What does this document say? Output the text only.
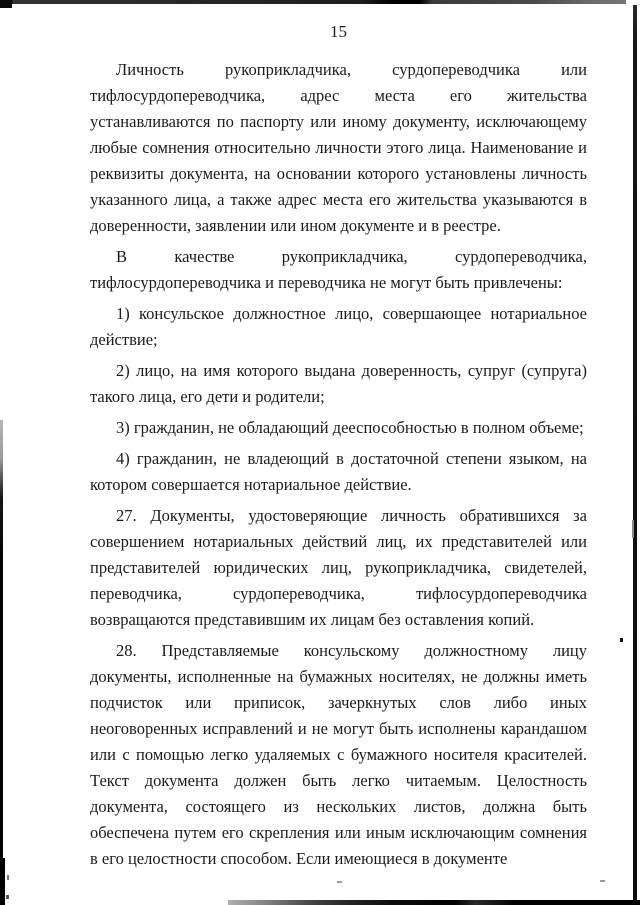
15

Личность рукоприкладчика, сурдопереводчика или тифлосурдопереводчика, адрес места его жительства устанавливаются по паспорту или иному документу, исключающему любые сомнения относительно личности этого лица. Наименование и реквизиты документа, на основании которого установлены личность указанного лица, а также адрес места его жительства указываются в доверенности, заявлении или ином документе и в реестре.

В качестве рукоприкладчика, сурдопереводчика, тифлосурдопереводчика и переводчика не могут быть привлечены:

1) консульское должностное лицо, совершающее нотариальное действие;

2) лицо, на имя которого выдана доверенность, супруг (супруга) такого лица, его дети и родители;

3) гражданин, не обладающий дееспособностью в полном объеме;

4) гражданин, не владеющий в достаточной степени языком, на котором совершается нотариальное действие.

27. Документы, удостоверяющие личность обратившихся за совершением нотариальных действий лиц, их представителей или представителей юридических лиц, рукоприкладчика, свидетелей, переводчика, сурдопереводчика, тифлосурдопереводчика возвращаются представившим их лицам без оставления копий.

28. Представляемые консульскому должностному лицу документы, исполненные на бумажных носителях, не должны иметь подчисток или приписок, зачеркнутых слов либо иных неоговоренных исправлений и не могут быть исполнены карандашом или с помощью легко удаляемых с бумажного носителя красителей. Текст документа должен быть легко читаемым. Целостность документа, состоящего из нескольких листов, должна быть обеспечена путем его скрепления или иным исключающим сомнения в его целостности способом. Если имеющиеся в документе
